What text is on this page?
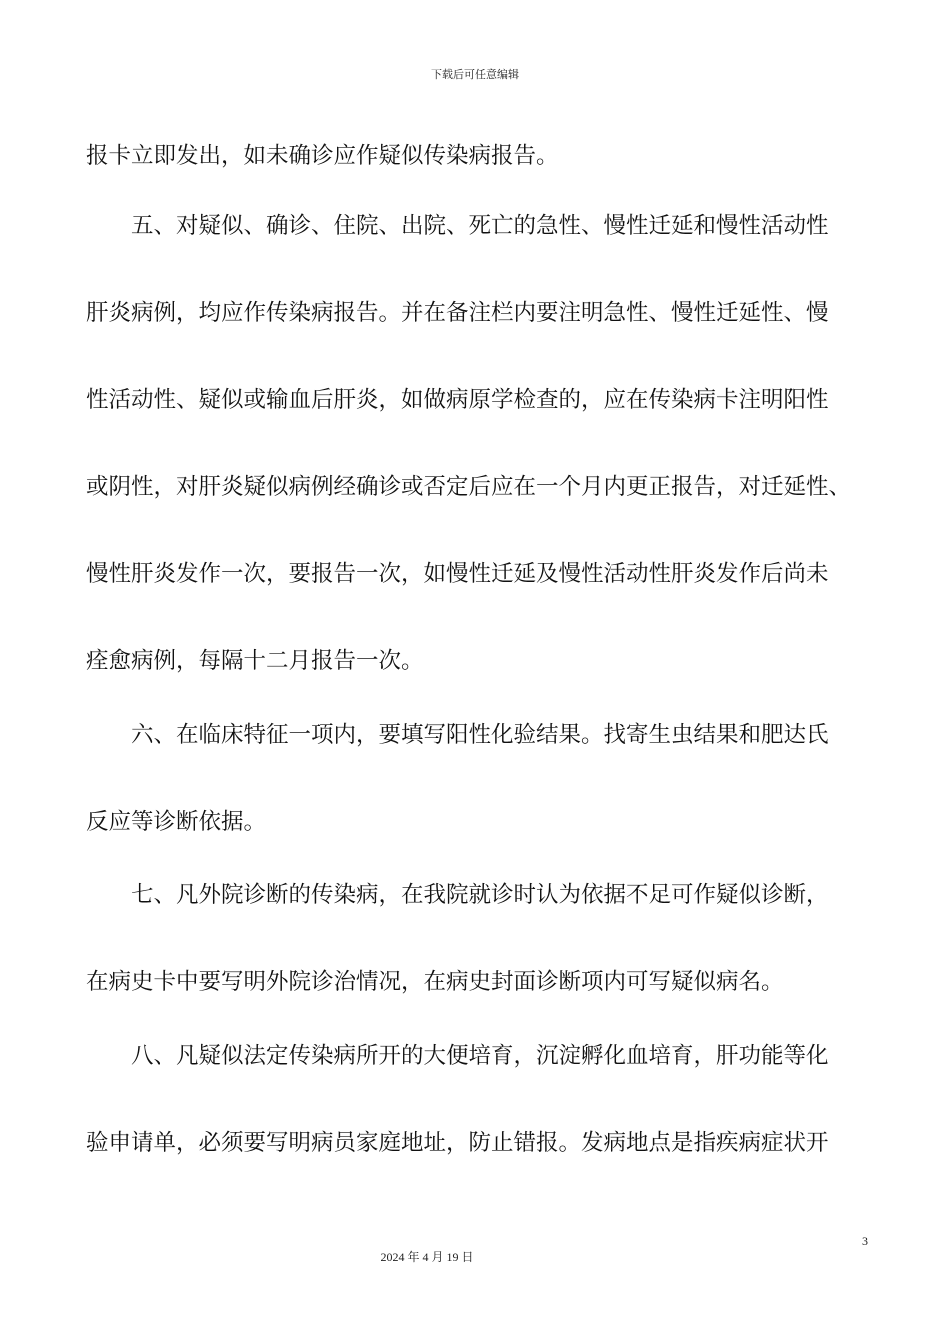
下载后可任意编辑
报卡立即发出，如未确诊应作疑似传染病报告。
　　五、对疑似、确诊、住院、出院、死亡的急性、慢性迁延和慢性活动性
肝炎病例，均应作传染病报告。并在备注栏内要注明急性、慢性迁延性、慢
性活动性、疑似或输血后肝炎，如做病原学检查的，应在传染病卡注明阳性
或阴性，对肝炎疑似病例经确诊或否定后应在一个月内更正报告，对迁延性、
慢性肝炎发作一次，要报告一次，如慢性迁延及慢性活动性肝炎发作后尚未
痊愈病例，每隔十二月报告一次。
　　六、在临床特征一项内，要填写阳性化验结果。找寄生虫结果和肥达氏
反应等诊断依据。
　　七、凡外院诊断的传染病，在我院就诊时认为依据不足可作疑似诊断，
在病史卡中要写明外院诊治情况，在病史封面诊断项内可写疑似病名。
　　八、凡疑似法定传染病所开的大便培育，沉淀孵化血培育，肝功能等化
验申请单，必须要写明病员家庭地址，防止错报。发病地点是指疾病症状开
3
2024 年 4 月 19 日
